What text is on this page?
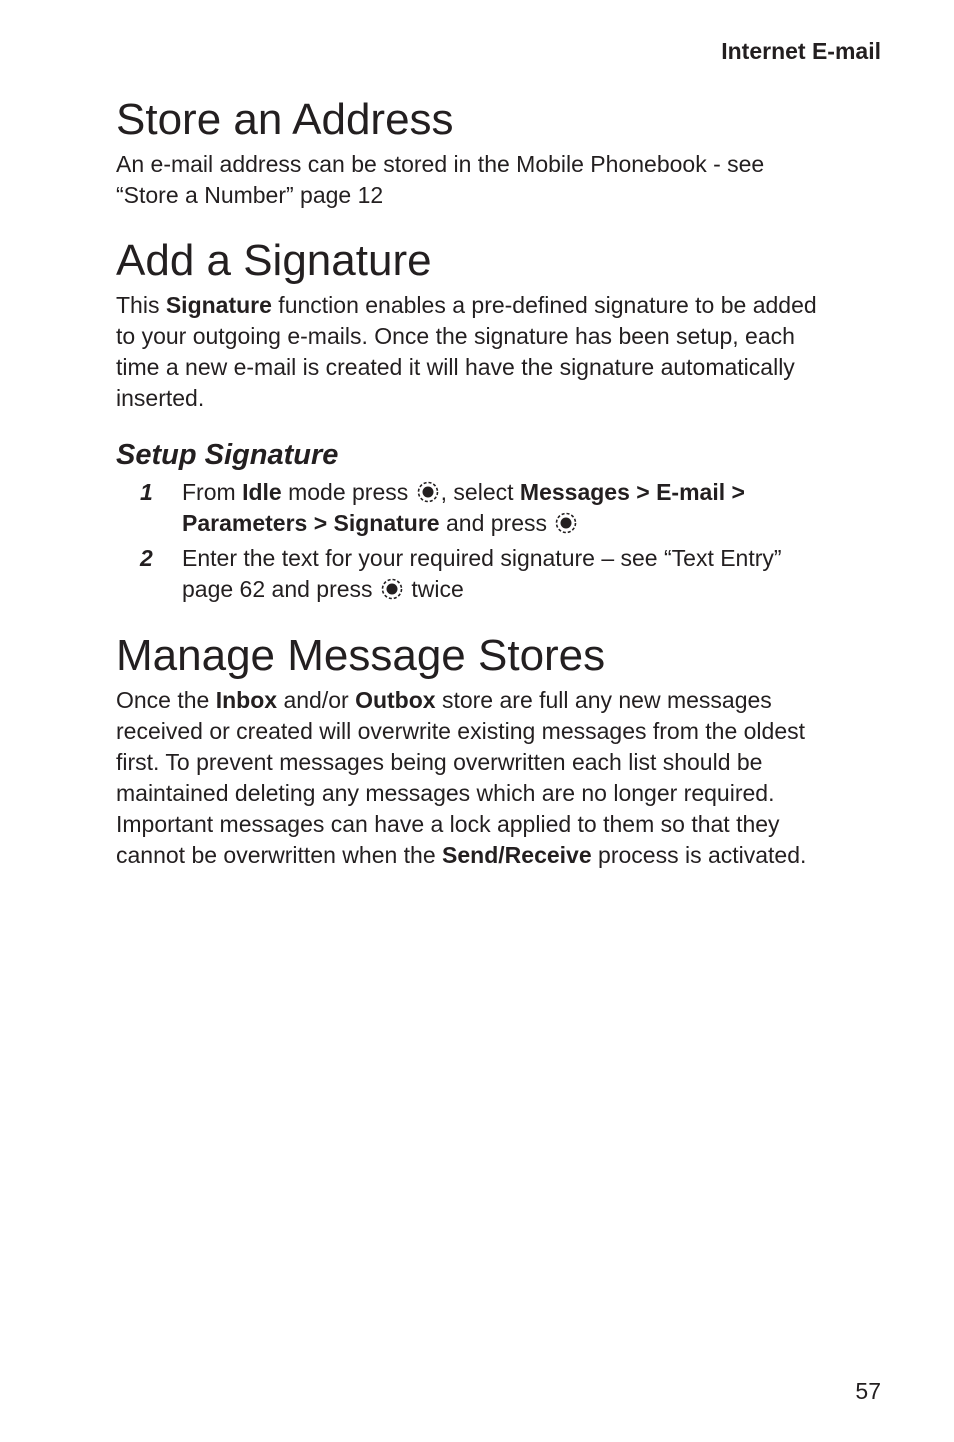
Internet E-mail
Store an Address

An e-mail address can be stored in the Mobile Phonebook - see
“Store a Number” page 12

Add a Signature

This Signature function enables a pre-defined signature to be added
to your outgoing e-mails. Once the signature has been setup, each
time a new e-mail is created it will have the signature automatically
inserted.

Setup Signature
1 From Idle mode press , select Messages > E-mail >
Parameters > Signature and press
2 Enter the text for your required signature – see “Text Entry”
page 62 and press  twice
Manage Message Stores

Once the Inbox and/or Outbox store are full any new messages
received or created will overwrite existing messages from the oldest
first. To prevent messages being overwritten each list should be
maintained deleting any messages which are no longer required.
Important messages can have a lock applied to them so that they
cannot be overwritten when the Send/Receive process is activated.

57
